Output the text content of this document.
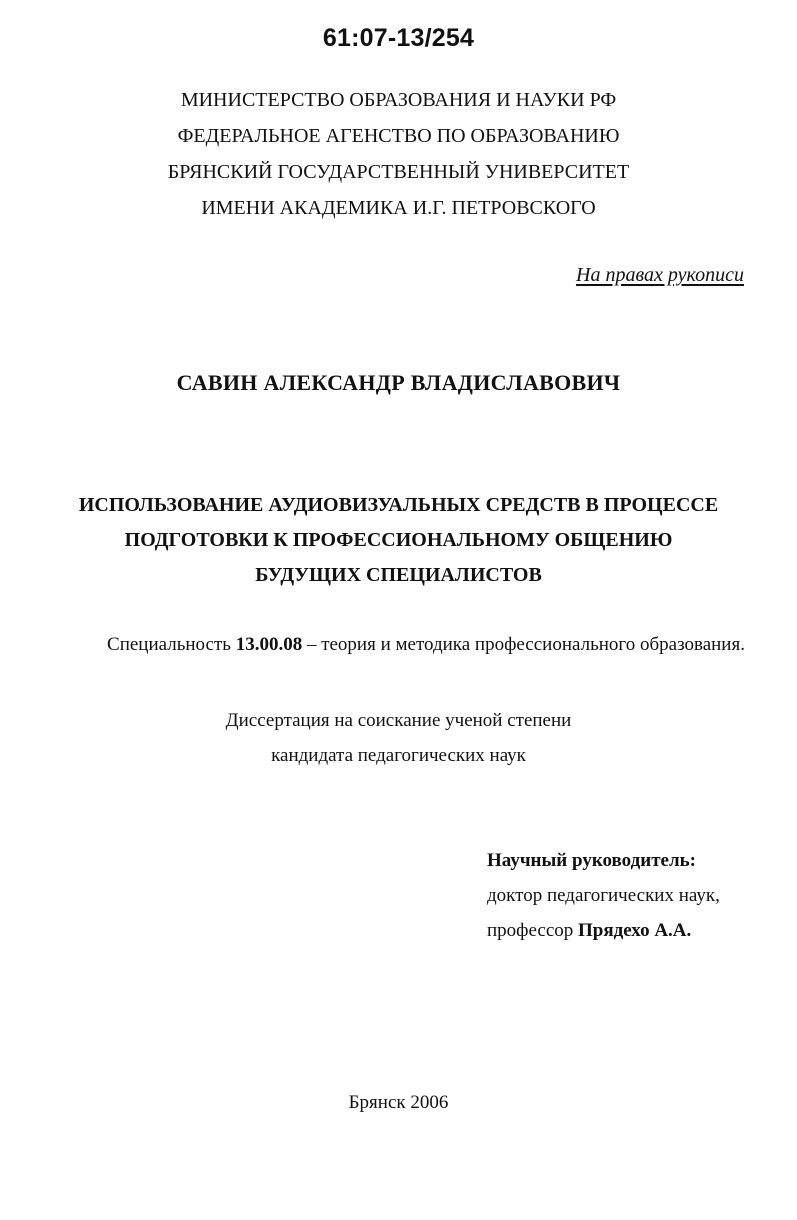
61:07-13/254
МИНИСТЕРСТВО ОБРАЗОВАНИЯ И НАУКИ РФ
ФЕДЕРАЛЬНОЕ АГЕНСТВО ПО ОБРАЗОВАНИЮ
БРЯНСКИЙ ГОСУДАРСТВЕННЫЙ УНИВЕРСИТЕТ
ИМЕНИ АКАДЕМИКА И.Г. ПЕТРОВСКОГО
На правах рукописи
САВИН АЛЕКСАНДР ВЛАДИСЛАВОВИЧ
ИСПОЛЬЗОВАНИЕ АУДИОВИЗУАЛЬНЫХ СРЕДСТВ В ПРОЦЕССЕ
ПОДГОТОВКИ К ПРОФЕССИОНАЛЬНОМУ ОБЩЕНИЮ
БУДУЩИХ СПЕЦИАЛИСТОВ
Специальность 13.00.08 – теория и методика профессионального образования.
Диссертация на соискание ученой степени
кандидата педагогических наук
Научный руководитель:
доктор педагогических наук,
профессор Прядехо А.А.
Брянск 2006
